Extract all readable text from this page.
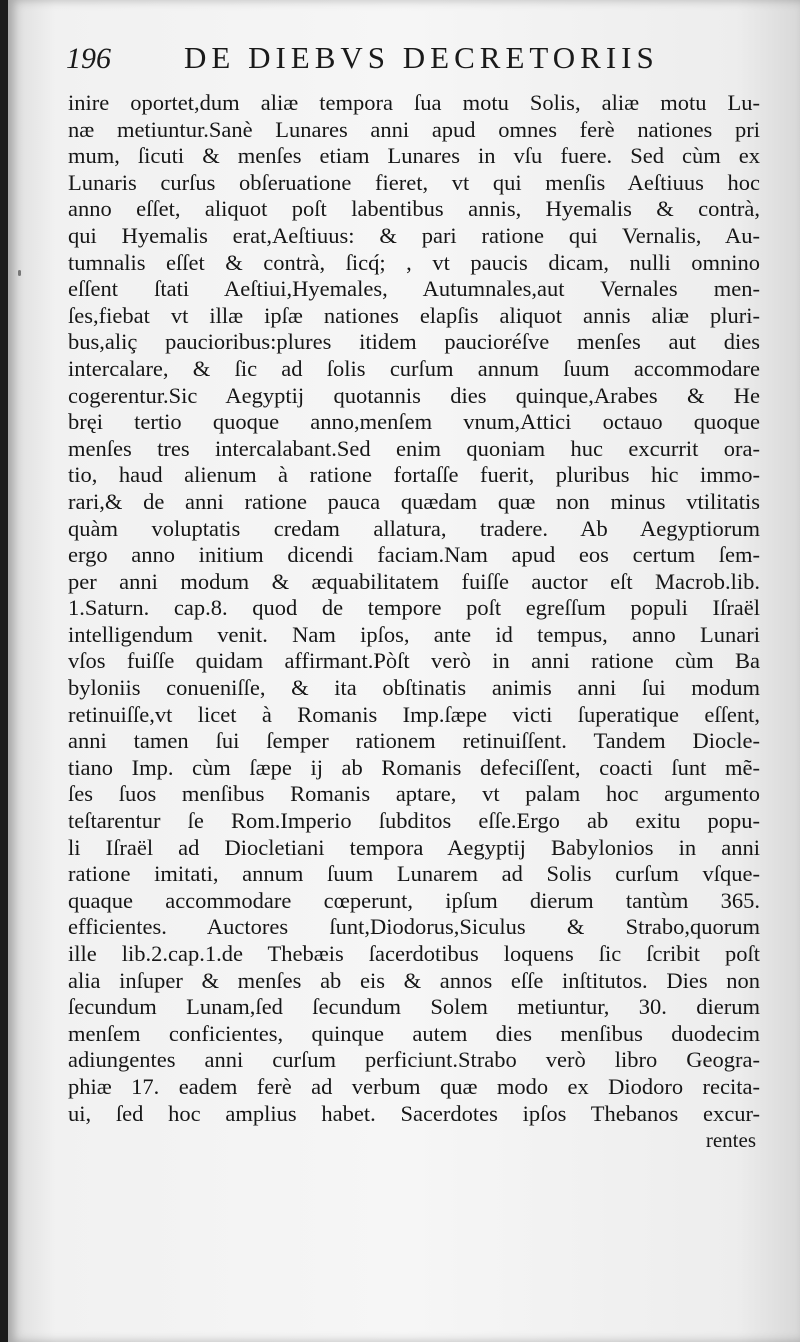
196 DE DIEBVS DECRETORIIS
inire oportet,dum aliæ tempora ſua motu Solis, aliæ motu Lu-
næ metiuntur.Sanè Lunares anni apud omnes ferè nationes pri
mum, ſicuti & menſes etiam Lunares in vſu fuere. Sed cùm ex
Lunaris curſus obſeruatione fieret, vt qui menſis Aeſtiuus hoc
anno eſſet, aliquot poſt labentibus annis, Hyemalis & contrà,
qui Hyemalis erat,Aeſtiuus: & pari ratione qui Vernalis, Au-
tumnalis eſſet & contrà, ſicq́; , vt paucis dicam, nulli omnino
eſſent ſtati Aeſtiui,Hyemales, Autumnales,aut Vernales men-
ſes,fiebat vt illæ ipſæ nationes elapſis aliquot annis aliæ pluri-
bus,aliç paucioribus:plures itidem paucioréſve menſes aut dies
intercalare, & ſic ad ſolis curſum annum ſuum accommodare
cogerentur.Sic Aegyptij quotannis dies quinque,Arabes & He
bręi tertio quoque anno,menſem vnum,Attici octauo quoque
menſes tres intercalabant.Sed enim quoniam huc excurrit ora-
tio, haud alienum à ratione fortaſſe fuerit, pluribus hic immo-
rari,& de anni ratione pauca quædam quæ non minus vtilitatis
quàm voluptatis credam allatura, tradere. Ab Aegyptiorum
ergo anno initium dicendi faciam.Nam apud eos certum ſem-
per anni modum & æquabilitatem fuiſſe auctor eſt Macrob.lib.
1.Saturn. cap.8. quod de tempore poſt egreſſum populi Iſraël
intelligendum venit. Nam ipſos, ante id tempus, anno Lunari
vſos fuiſſe quidam affirmant.Pòſt verò in anni ratione cùm Ba
byloniis conueniſſe, & ita obſtinatis animis anni ſui modum
retinuiſſe,vt licet à Romanis Imp.ſæpe victi ſuperatique eſſent,
anni tamen ſui ſemper rationem retinuiſſent. Tandem Diocle-
tiano Imp. cùm ſæpe ij ab Romanis defeciſſent, coacti ſunt mẽ-
ſes ſuos menſibus Romanis aptare, vt palam hoc argumento
teſtarentur ſe Rom.Imperio ſubditos eſſe.Ergo ab exitu popu-
li Iſraël ad Diocletiani tempora Aegyptij Babylonios in anni
ratione imitati, annum ſuum Lunarem ad Solis curſum vſque-
quaque accommodare cœperunt, ipſum dierum tantùm 365.
efficientes. Auctores ſunt,Diodorus,Siculus & Strabo,quorum
ille lib.2.cap.1.de Thebæis ſacerdotibus loquens ſic ſcribit poſt
alia inſuper & menſes ab eis & annos eſſe inſtitutos. Dies non
ſecundum Lunam,ſed ſecundum Solem metiuntur, 30. dierum
menſem conficientes, quinque autem dies menſibus duodecim
adiungentes anni curſum perficiunt.Strabo verò libro Geogra-
phiæ 17. eadem ferè ad verbum quæ modo ex Diodoro recita-
ui, ſed hoc amplius habet. Sacerdotes ipſos Thebanos excur-
rentes
